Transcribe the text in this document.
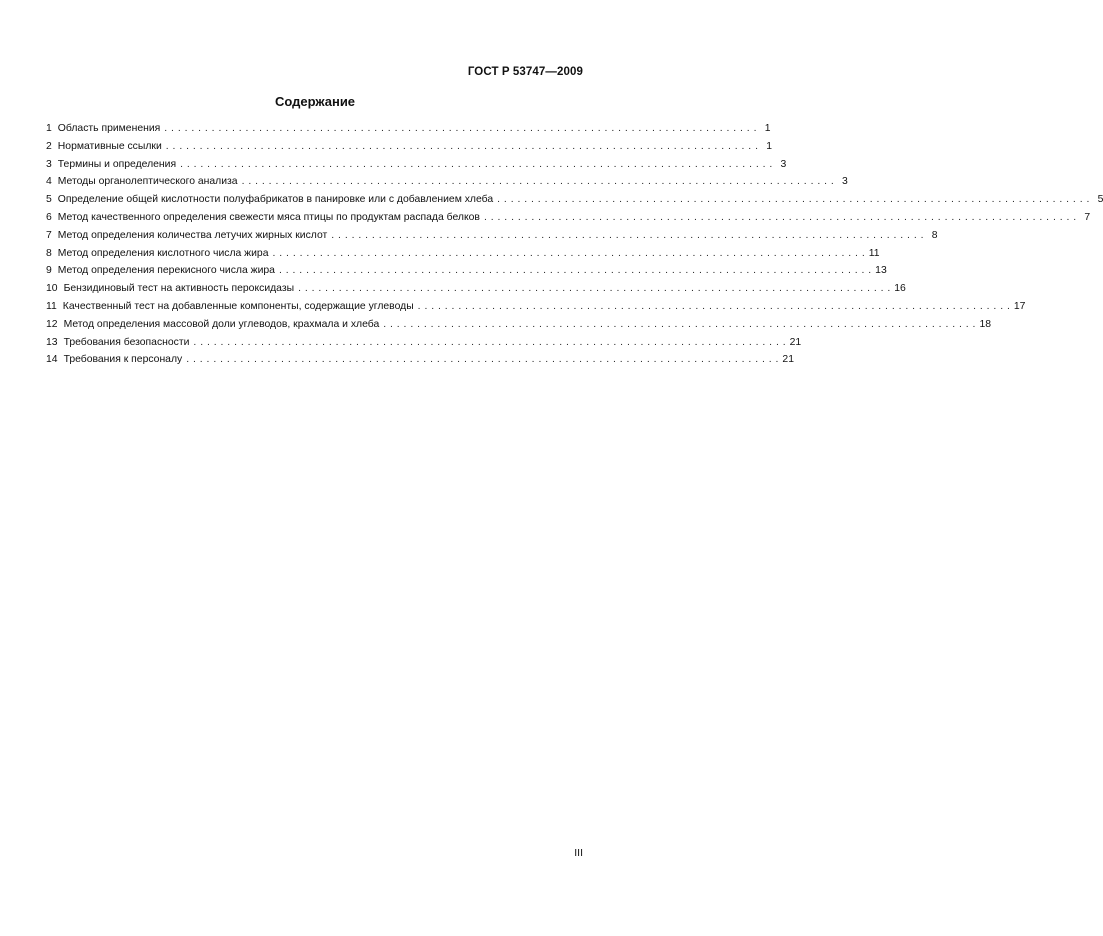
ГОСТ Р 53747—2009
Содержание
1 Область применения . . .	1
2 Нормативные ссылки . . .	1
3 Термины и определения . . .	3
4 Методы органолептического анализа . . .	3
5 Определение общей кислотности полуфабрикатов в панировке или с добавлением хлеба . . .	5
6 Метод качественного определения свежести мяса птицы по продуктам распада белков . . .	7
7 Метод определения количества летучих жирных кислот . . .	8
8 Метод определения кислотного числа жира . . .	11
9 Метод определения перекисного числа жира . . .	13
10 Бензидиновый тест на активность пероксидазы . . .	16
11 Качественный тест на добавленные компоненты, содержащие углеводы . . .	17
12 Метод определения массовой доли углеводов, крахмала и хлеба . . .	18
13 Требования безопасности . . .	21
14 Требования к персоналу . . .	21
III
